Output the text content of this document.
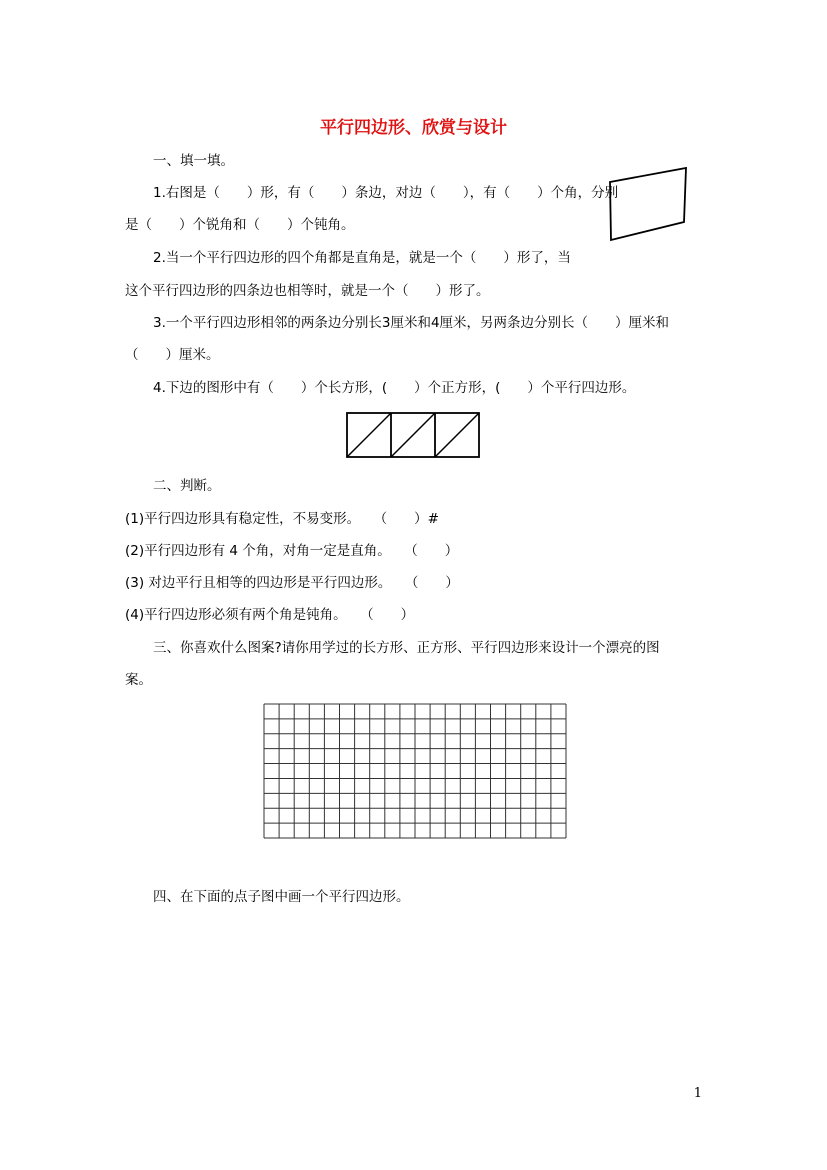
平行四边形、欣赏与设计
一、填一填。
1.右图是（　　）形，有（　　）条边，对边（　　），有（　　）个角，分别
是（　　）个锐角和（　　）个钝角。
2.当一个平行四边形的四个角都是直角是，就是一个（　　）形了，当
这个平行四边形的四条边也相等时，就是一个（　　）形了。
3.一个平行四边形相邻的两条边分别长3厘米和4厘米，另两条边分别长（　　）厘米和
（　　）厘米。
4.下边的图形中有（　　）个长方形，(　　）个正方形，(　　）个平行四边形。
二、判断。
(1)平行四边形具有稳定性，不易变形。　　（　　）#
(2)平行四边形有 4 个角，对角一定是直角。　　（　　）
(3) 对边平行且相等的四边形是平行四边形。　　（　　）
(4)平行四边形必须有两个角是钝角。　　（　　）
三、你喜欢什么图案?请你用学过的长方形、正方形、平行四边形来设计一个漂亮的图
案。
四、在下面的点子图中画一个平行四边形。
1
